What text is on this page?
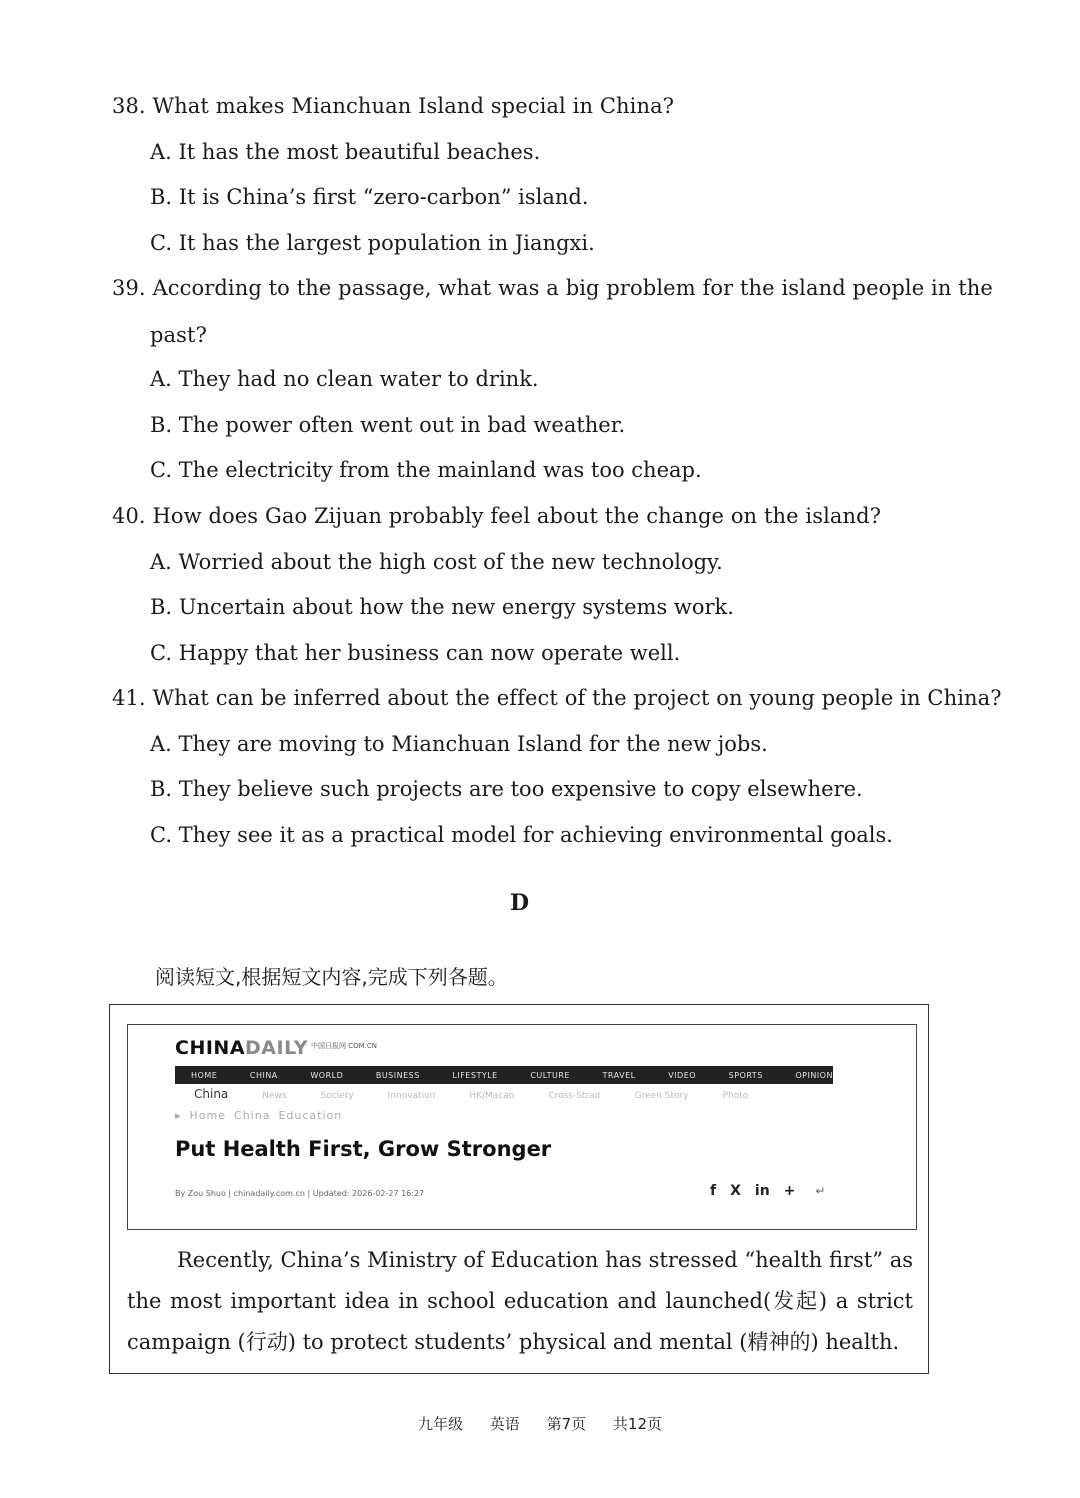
38. What makes Mianchuan Island special in China?
A. It has the most beautiful beaches.
B. It is China’s first “zero-carbon” island.
C. It has the largest population in Jiangxi.
39. According to the passage, what was a big problem for the island people in the
past?
A. They had no clean water to drink.
B. The power often went out in bad weather.
C. The electricity from the mainland was too cheap.
40. How does Gao Zijuan probably feel about the change on the island?
A. Worried about the high cost of the new technology.
B. Uncertain about how the new energy systems work.
C. Happy that her business can now operate well.
41. What can be inferred about the effect of the project on young people in China?
A. They are moving to Mianchuan Island for the new jobs.
B. They believe such projects are too expensive to copy elsewhere.
C. They see it as a practical model for achieving environmental goals.
D
阅读短文,根据短文内容,完成下列各题。
CHINADAILY $^{中国日报网 COM.CN}$
HOME	CHINA	WORLD	BUSINESS	LIFESTYLE	CULTURE	TRAVEL	VIDEO	SPORTS	OPINION
China	News	Society	Innovation	HK/Macao	Cross-Strait	Green Story	Photo
▸ Home China Education
Put Health First, Grow Stronger
By Zou Shuo | chinadaily.com.cn | Updated: 2026-02-27 16:27	f X in + ↵
Recently, China’s Ministry of Education has stressed “health first” as the most important idea in school education and launched(发起) a strict campaign (行动) to protect students’ physical and mental (精神的) health.
九年级 英语 第7页 共12页
